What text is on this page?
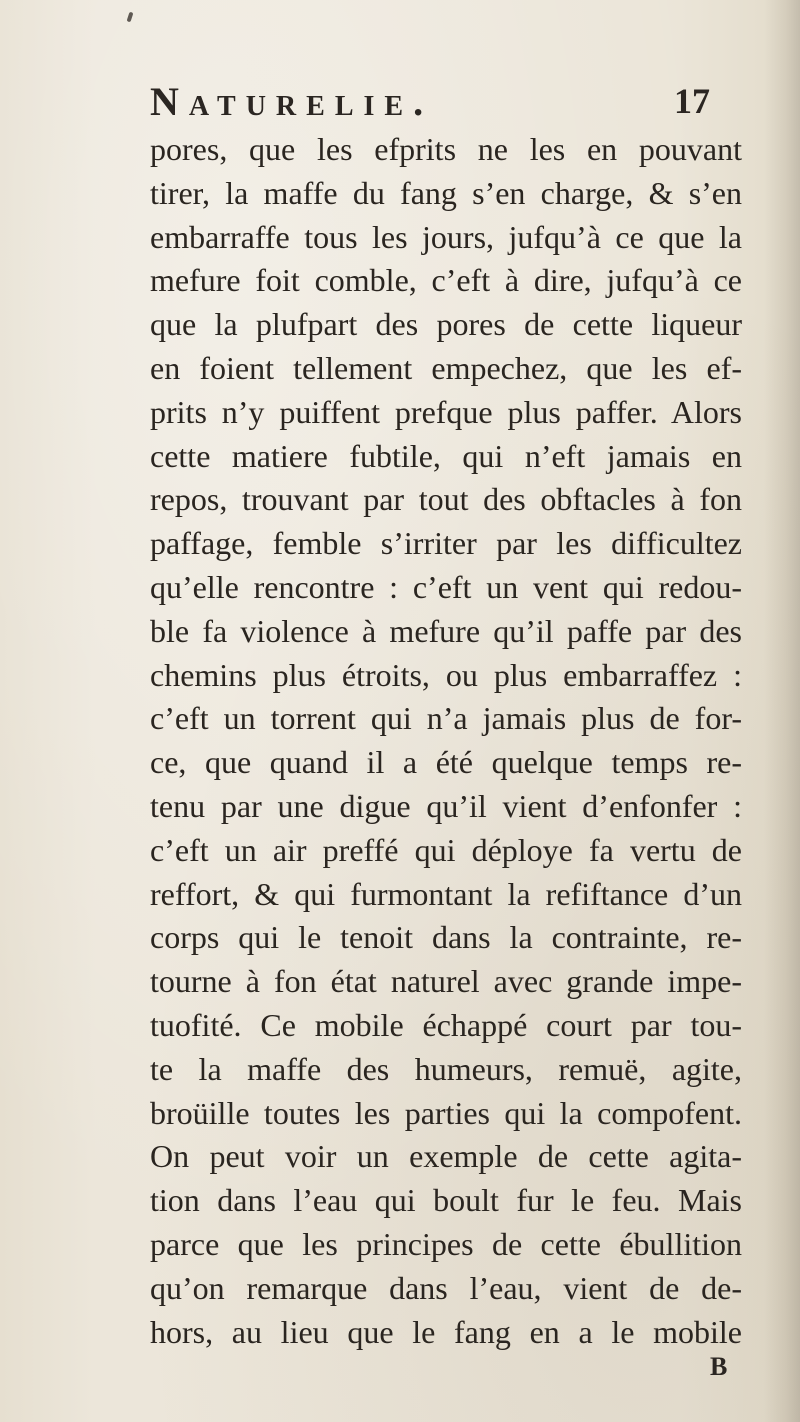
Naturelie.	17
pores, que les efprits ne les en pouvant
tirer, la maffe du fang s’en charge, & s’en
embarraffe tous les jours, jufqu’à ce que la
mefure foit comble, c’eft à dire, jufqu’à ce
que la plufpart des pores de cette liqueur
en foient tellement empechez, que les ef-
prits n’y puiffent prefque plus paffer. Alors
cette matiere fubtile, qui n’eft jamais en
repos, trouvant par tout des obftacles à fon
paffage, femble s’irriter par les difficultez
qu’elle rencontre : c’eft un vent qui redou-
ble fa violence à mefure qu’il paffe par des
chemins plus étroits, ou plus embarraffez :
c’eft un torrent qui n’a jamais plus de for-
ce, que quand il a été quelque temps re-
tenu par une digue qu’il vient d’enfonfer :
c’eft un air preffé qui déploye fa vertu de
reffort, & qui furmontant la refiftance d’un
corps qui le tenoit dans la contrainte, re-
tourne à fon état naturel avec grande impe-
tuofité. Ce mobile échappé court par tou-
te la maffe des humeurs, remuë, agite,
broüille toutes les parties qui la compofent.
On peut voir un exemple de cette agita-
tion dans l’eau qui boult fur le feu. Mais
parce que les principes de cette ébullition
qu’on remarque dans l’eau, vient de de-
hors, au lieu que le fang en a le mobile
B
